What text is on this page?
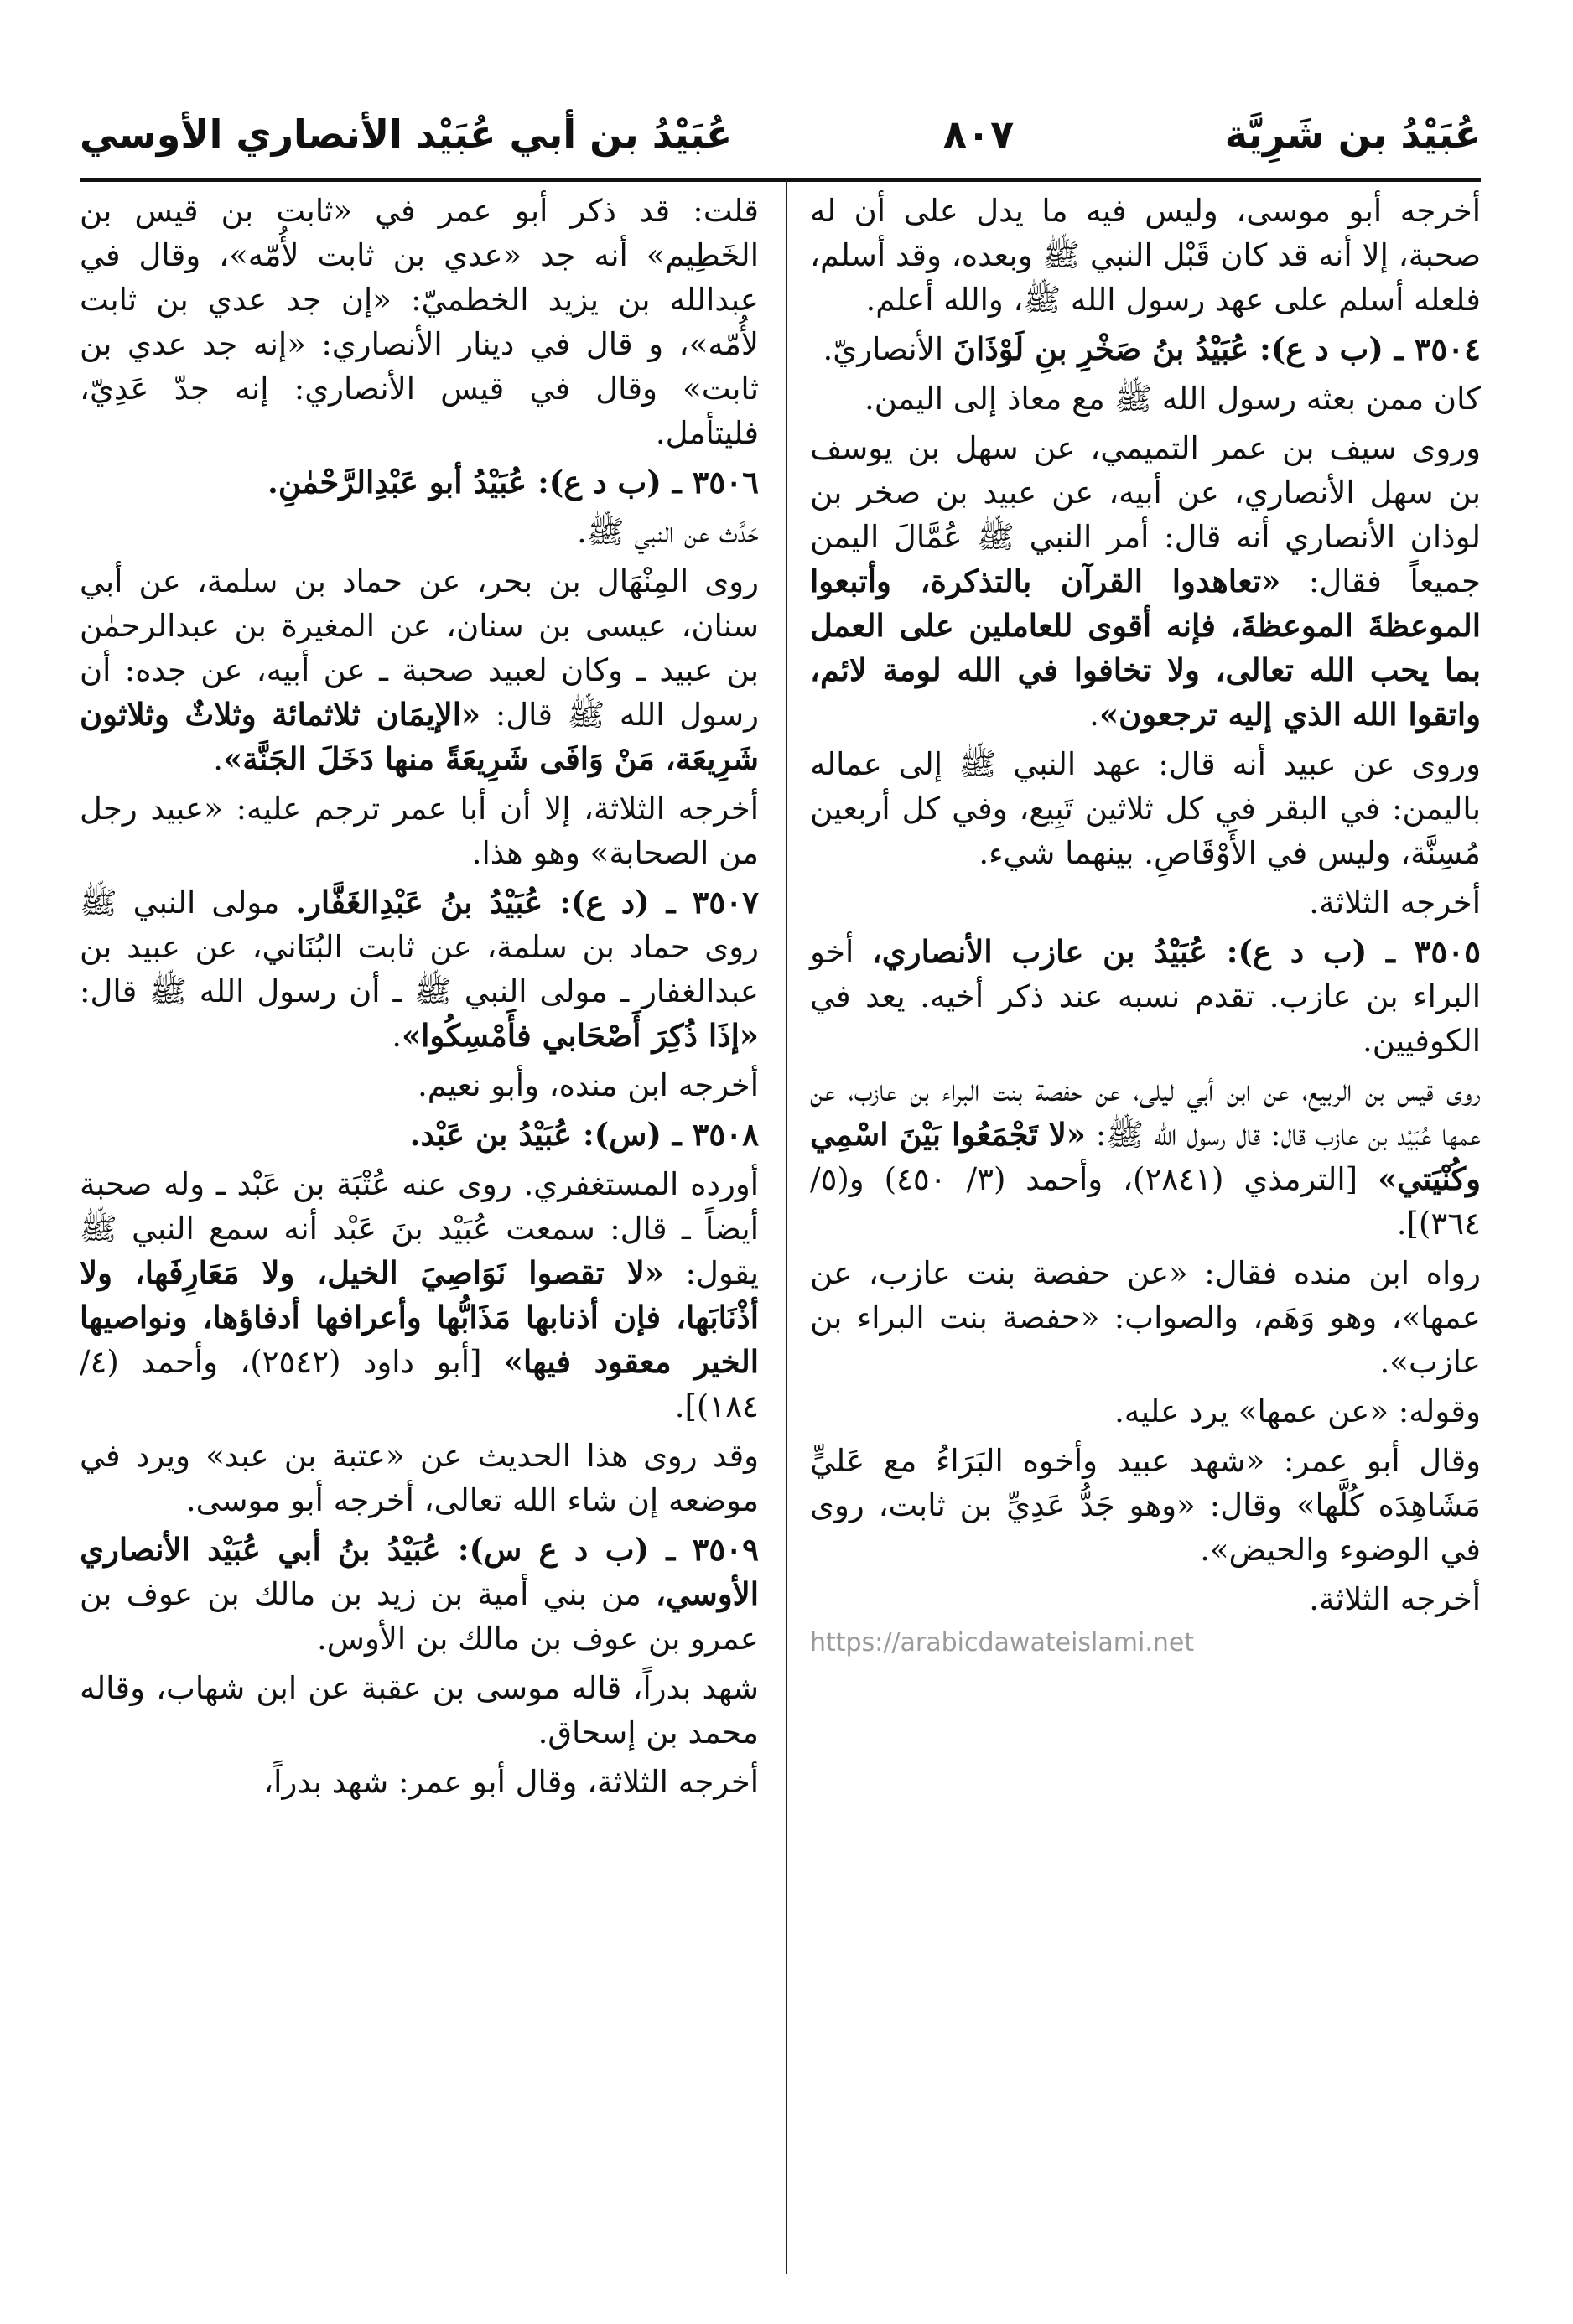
عُبَيْدُ بن شَرِيَّة
٨٠٧
عُبَيْدُ بن أبي عُبَيْد الأنصاري الأوسي

أخرجه أبو موسى، وليس فيه ما يدل على أن له صحبة، إلا أنه قد كان قَبْل النبي ﷺ وبعده، وقد أسلم، فلعله أسلم على عهد رسول الله ﷺ، والله أعلم.

٣٥٠٤ ـ (ب د ع): عُبَيْدُ بنُ صَخْرِ بنِ لَوْذَانَ الأنصاريّ.

كان ممن بعثه رسول الله ﷺ مع معاذ إلى اليمن.

وروى سيف بن عمر التميمي، عن سهل بن يوسف بن سهل الأنصاري، عن أبيه، عن عبيد بن صخر بن لوذان الأنصاري أنه قال: أمر النبي ﷺ عُمَّالَ اليمن جميعاً فقال: «تعاهدوا القرآن بالتذكرة، وأتبعوا الموعظةَ الموعظةَ، فإنه أقوى للعاملين على العمل بما يحب الله تعالى، ولا تخافوا في الله لومة لائم، واتقوا الله الذي إليه ترجعون».

وروى عن عبيد أنه قال: عهد النبي ﷺ إلى عماله باليمن: في البقر في كل ثلاثين تَبِيع، وفي كل أربعين مُسِنَّة، وليس في الأَوْقَاصِ. بينهما شيء.

أخرجه الثلاثة.

٣٥٠٥ ـ (ب د ع): عُبَيْدُ بن عازب الأنصاري، أخو البراء بن عازب. تقدم نسبه عند ذكر أخيه. يعد في الكوفيين.

روى قيس بن الربيع، عن ابن أبي ليلى، عن حفصة بنت البراء بن عازب، عن عمها عُبَيْد بن عازب قال: قال رسول الله ﷺ: «لا تَجْمَعُوا بَيْنَ اسْمِي وكُنْيَتي» [الترمذي (٢٨٤١)، وأحمد (٣/ ٤٥٠) و(٥/ ٣٦٤)].

رواه ابن منده فقال: «عن حفصة بنت عازب، عن عمها»، وهو وَهَم، والصواب: «حفصة بنت البراء بن عازب».

وقوله: «عن عمها» يرد عليه.

وقال أبو عمر: «شهد عبيد وأخوه البَرَاءُ مع عَليٍّ مَشَاهِدَه كُلَّها» وقال: «وهو جَدُّ عَدِيِّ بن ثابت، روى في الوضوء والحيض».

أخرجه الثلاثة.

https://arabicdawateislami.net

قلت: قد ذكر أبو عمر في «ثابت بن قيس بن الخَطِيم» أنه جد «عدي بن ثابت لأُمّه»، وقال في عبدالله بن يزيد الخطميّ: «إن جد عدي بن ثابت لأُمّه»، و قال في دينار الأنصاري: «إنه جد عدي بن ثابت» وقال في قيس الأنصاري: إنه جدّ عَدِيّ، فليتأمل.

٣٥٠٦ ـ (ب د ع): عُبَيْدُ أبو عَبْدِالرَّحْمٰنِ.

حَدَّث عن النبي ﷺ.

روى المِنْهَال بن بحر، عن حماد بن سلمة، عن أبي سنان، عيسى بن سنان، عن المغيرة بن عبدالرحمٰن بن عبيد ـ وكان لعبيد صحبة ـ عن أبيه، عن جده: أن رسول الله ﷺ قال: «الإيمَان ثلاثمائة وثلاثٌ وثلاثون شَرِيعَة، مَنْ وَافَى شَرِيعَةً منها دَخَلَ الجَنَّة».

أخرجه الثلاثة، إلا أن أبا عمر ترجم عليه: «عبيد رجل من الصحابة» وهو هذا.

٣٥٠٧ ـ (د ع): عُبَيْدُ بنُ عَبْدِالغَفَّار. مولى النبي ﷺ روى حماد بن سلمة، عن ثابت البُنَاني، عن عبيد بن عبدالغفار ـ مولى النبي ﷺ ـ أن رسول الله ﷺ قال: «إذَا ذُكِرَ أَصْحَابي فأَمْسِكُوا».

أخرجه ابن منده، وأبو نعيم.

٣٥٠٨ ـ (س): عُبَيْدُ بن عَبْد.

أورده المستغفري. روى عنه عُتْبَة بن عَبْد ـ وله صحبة أيضاً ـ قال: سمعت عُبَيْد بنَ عَبْد أنه سمع النبي ﷺ يقول: «لا تقصوا نَوَاصِيَ الخيل، ولا مَعَارِفَها، ولا أذْنَابَها، فإن أذنابها مَذَابُّها وأعرافها أدفاؤها، ونواصيها الخير معقود فيها» [أبو داود (٢٥٤٢)، وأحمد (٤/ ١٨٤)].

وقد روى هذا الحديث عن «عتبة بن عبد» ويرد في موضعه إن شاء الله تعالى، أخرجه أبو موسى.

٣٥٠٩ ـ (ب د ع س): عُبَيْدُ بنُ أبي عُبَيْد الأنصاري الأوسي، من بني أمية بن زيد بن مالك بن عوف بن عمرو بن عوف بن مالك بن الأوس.

شهد بدراً، قاله موسى بن عقبة عن ابن شهاب، وقاله محمد بن إسحاق.

أخرجه الثلاثة، وقال أبو عمر: شهد بدراً،
